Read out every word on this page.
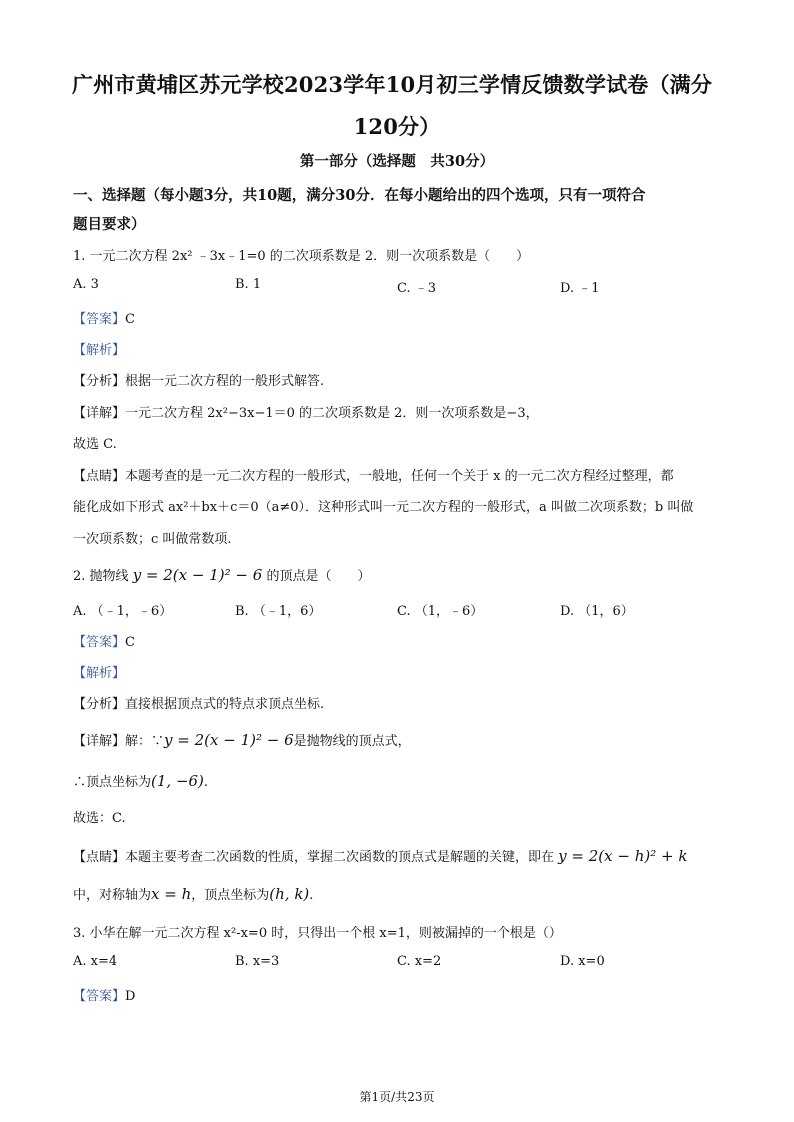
广州市黄埔区苏元学校2023学年10月初三学情反馈数学试卷（满分
120分）
第一部分（选择题　共30分）
一、选择题（每小题3分，共10题，满分30分．在每小题给出的四个选项，只有一项符合
题目要求）
1. 一元二次方程 2x² ﹣3x﹣1=0 的二次项系数是 2．则一次项系数是（　　）
A. 3	B. 1	C. ﹣3	D. ﹣1
【答案】C
【解析】
【分析】根据一元二次方程的一般形式解答.
【详解】一元二次方程 2x²−3x−1＝0 的二次项系数是 2．则一次项系数是−3，
故选 C.
【点睛】本题考查的是一元二次方程的一般形式，一般地，任何一个关于 x 的一元二次方程经过整理，都
能化成如下形式 ax²＋bx＋c＝0（a≠0）．这种形式叫一元二次方程的一般形式，a 叫做二次项系数；b 叫做
一次项系数；c 叫做常数项.
2. 抛物线 y = 2(x − 1)² − 6 的顶点是（　　）
A. （﹣1，﹣6）	B. （﹣1，6）	C. （1，﹣6）	D. （1，6）
【答案】C
【解析】
【分析】直接根据顶点式的特点求顶点坐标.
【详解】解：∵y = 2(x − 1)² − 6是抛物线的顶点式，
∴顶点坐标为(1, −6).
故选：C.
【点睛】本题主要考查二次函数的性质，掌握二次函数的顶点式是解题的关键，即在 y = 2(x − h)² + k
中，对称轴为x = h，顶点坐标为(h, k).
3. 小华在解一元二次方程 x²-x=0 时，只得出一个根 x=1，则被漏掉的一个根是（）
A. x=4	B. x=3	C. x=2	D. x=0
【答案】D
第1页/共23页
